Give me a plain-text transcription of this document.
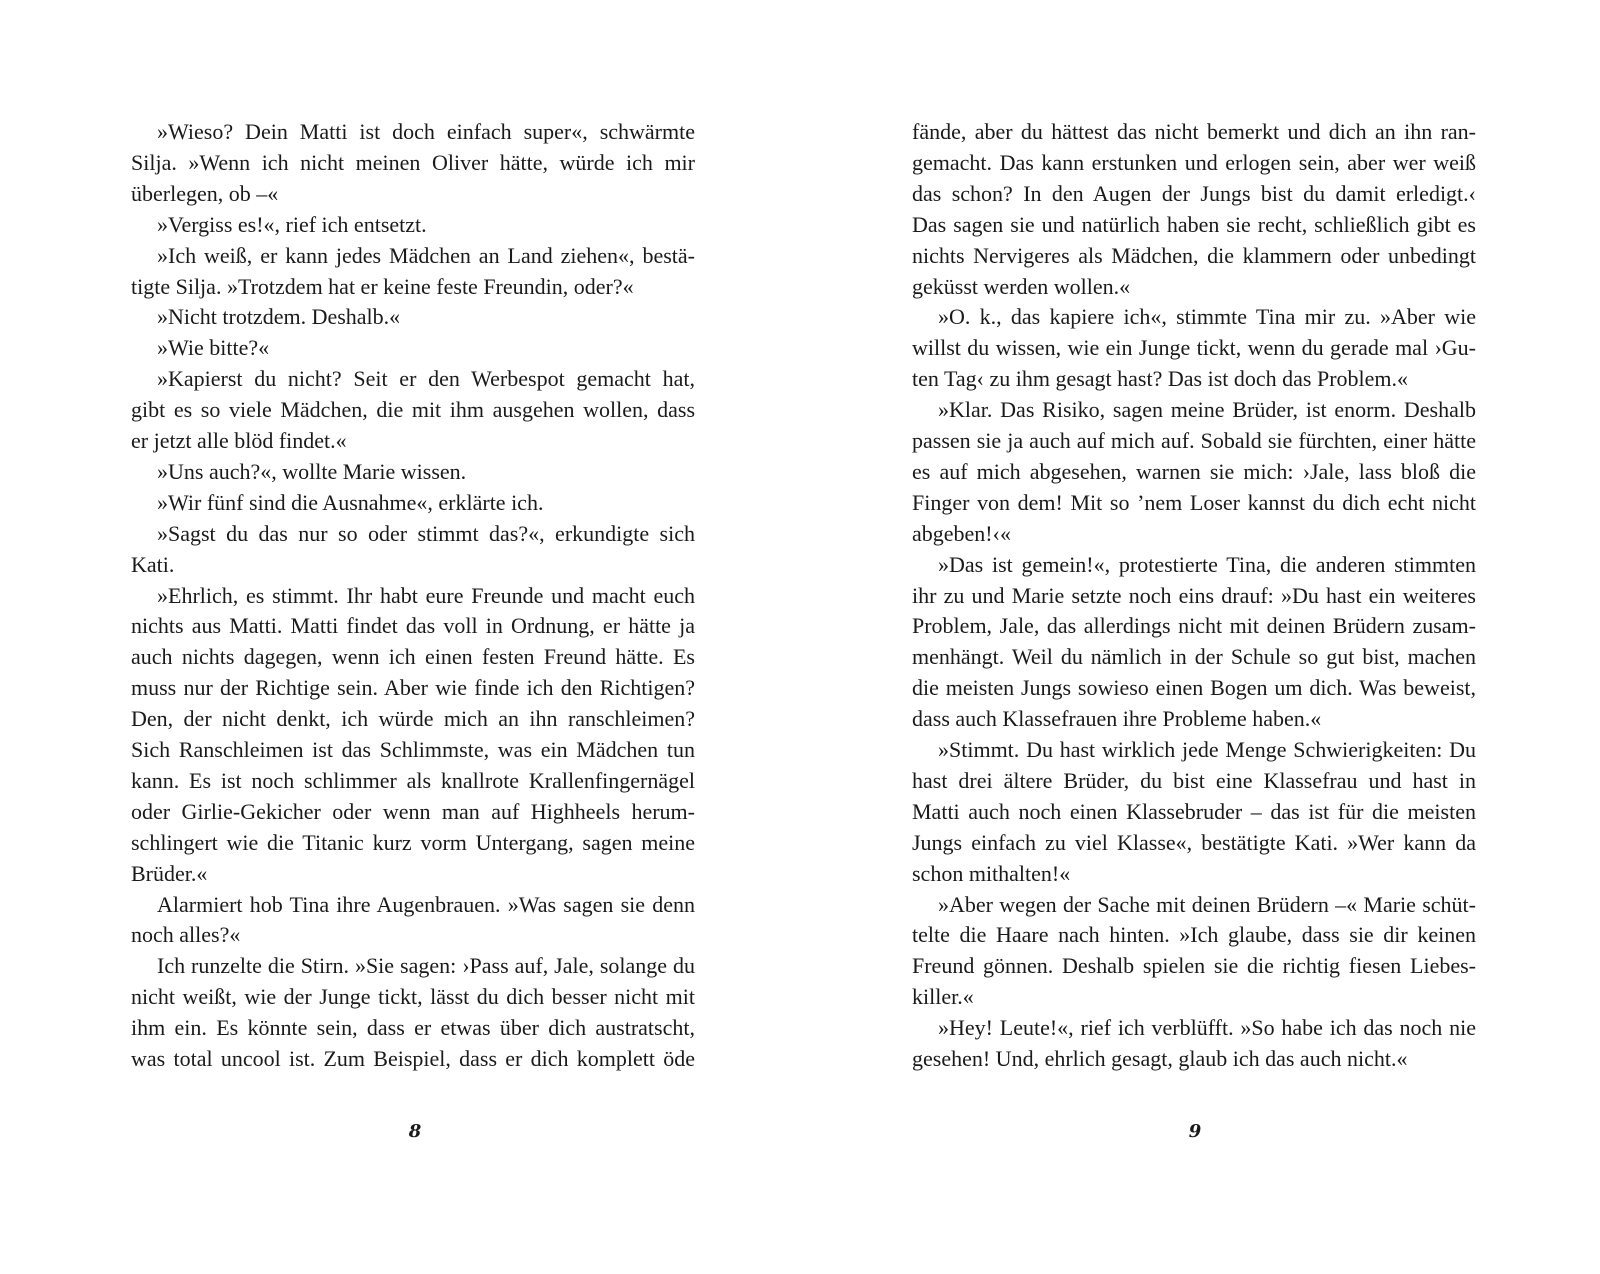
»Wieso? Dein Matti ist doch einfach super«, schwärmte
Silja. »Wenn ich nicht meinen Oliver hätte, würde ich mir
überlegen, ob –«
»Vergiss es!«, rief ich entsetzt.
»Ich weiß, er kann jedes Mädchen an Land ziehen«, bestä-
tigte Silja. »Trotzdem hat er keine feste Freundin, oder?«
»Nicht trotzdem. Deshalb.«
»Wie bitte?«
»Kapierst du nicht? Seit er den Werbespot gemacht hat,
gibt es so viele Mädchen, die mit ihm ausgehen wollen, dass
er jetzt alle blöd findet.«
»Uns auch?«, wollte Marie wissen.
»Wir fünf sind die Ausnahme«, erklärte ich.
»Sagst du das nur so oder stimmt das?«, erkundigte sich
Kati.
»Ehrlich, es stimmt. Ihr habt eure Freunde und macht euch
nichts aus Matti. Matti findet das voll in Ordnung, er hätte ja
auch nichts dagegen, wenn ich einen festen Freund hätte. Es
muss nur der Richtige sein. Aber wie finde ich den Richtigen?
Den, der nicht denkt, ich würde mich an ihn ranschleimen?
Sich Ranschleimen ist das Schlimmste, was ein Mädchen tun
kann. Es ist noch schlimmer als knallrote Krallenfingernägel
oder Girlie-Gekicher oder wenn man auf Highheels herum-
schlingert wie die Titanic kurz vorm Untergang, sagen meine
Brüder.«
Alarmiert hob Tina ihre Augenbrauen. »Was sagen sie denn
noch alles?«
Ich runzelte die Stirn. »Sie sagen: ›Pass auf, Jale, solange du
nicht weißt, wie der Junge tickt, lässt du dich besser nicht mit
ihm ein. Es könnte sein, dass er etwas über dich austratscht,
was total uncool ist. Zum Beispiel, dass er dich komplett öde
8
fände, aber du hättest das nicht bemerkt und dich an ihn ran-
gemacht. Das kann erstunken und erlogen sein, aber wer weiß
das schon? In den Augen der Jungs bist du damit erledigt.‹
Das sagen sie und natürlich haben sie recht, schließlich gibt es
nichts Nervigeres als Mädchen, die klammern oder unbedingt
geküsst werden wollen.«
»O. k., das kapiere ich«, stimmte Tina mir zu. »Aber wie
willst du wissen, wie ein Junge tickt, wenn du gerade mal ›Gu-
ten Tag‹ zu ihm gesagt hast? Das ist doch das Problem.«
»Klar. Das Risiko, sagen meine Brüder, ist enorm. Deshalb
passen sie ja auch auf mich auf. Sobald sie fürchten, einer hätte
es auf mich abgesehen, warnen sie mich: ›Jale, lass bloß die
Finger von dem! Mit so ’nem Loser kannst du dich echt nicht
abgeben!‹«
»Das ist gemein!«, protestierte Tina, die anderen stimmten
ihr zu und Marie setzte noch eins drauf: »Du hast ein weiteres
Problem, Jale, das allerdings nicht mit deinen Brüdern zusam-
menhängt. Weil du nämlich in der Schule so gut bist, machen
die meisten Jungs sowieso einen Bogen um dich. Was beweist,
dass auch Klassefrauen ihre Probleme haben.«
»Stimmt. Du hast wirklich jede Menge Schwierigkeiten: Du
hast drei ältere Brüder, du bist eine Klassefrau und hast in
Matti auch noch einen Klassebruder – das ist für die meisten
Jungs einfach zu viel Klasse«, bestätigte Kati. »Wer kann da
schon mithalten!«
»Aber wegen der Sache mit deinen Brüdern –« Marie schüt-
telte die Haare nach hinten. »Ich glaube, dass sie dir keinen
Freund gönnen. Deshalb spielen sie die richtig fiesen Liebes-
killer.«
»Hey! Leute!«, rief ich verblüfft. »So habe ich das noch nie
gesehen! Und, ehrlich gesagt, glaub ich das auch nicht.«
9
